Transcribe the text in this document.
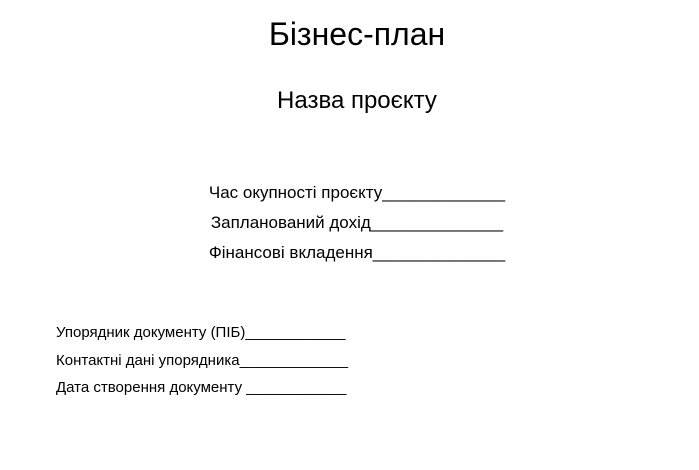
Бізнес-план
Назва проєкту
Час окупності проєкту_____________
Запланований дохід______________
Фінансові вкладення______________
Упорядник документу (ПІБ)____________
Контактні дані упорядника_____________
Дата створення документу ____________
